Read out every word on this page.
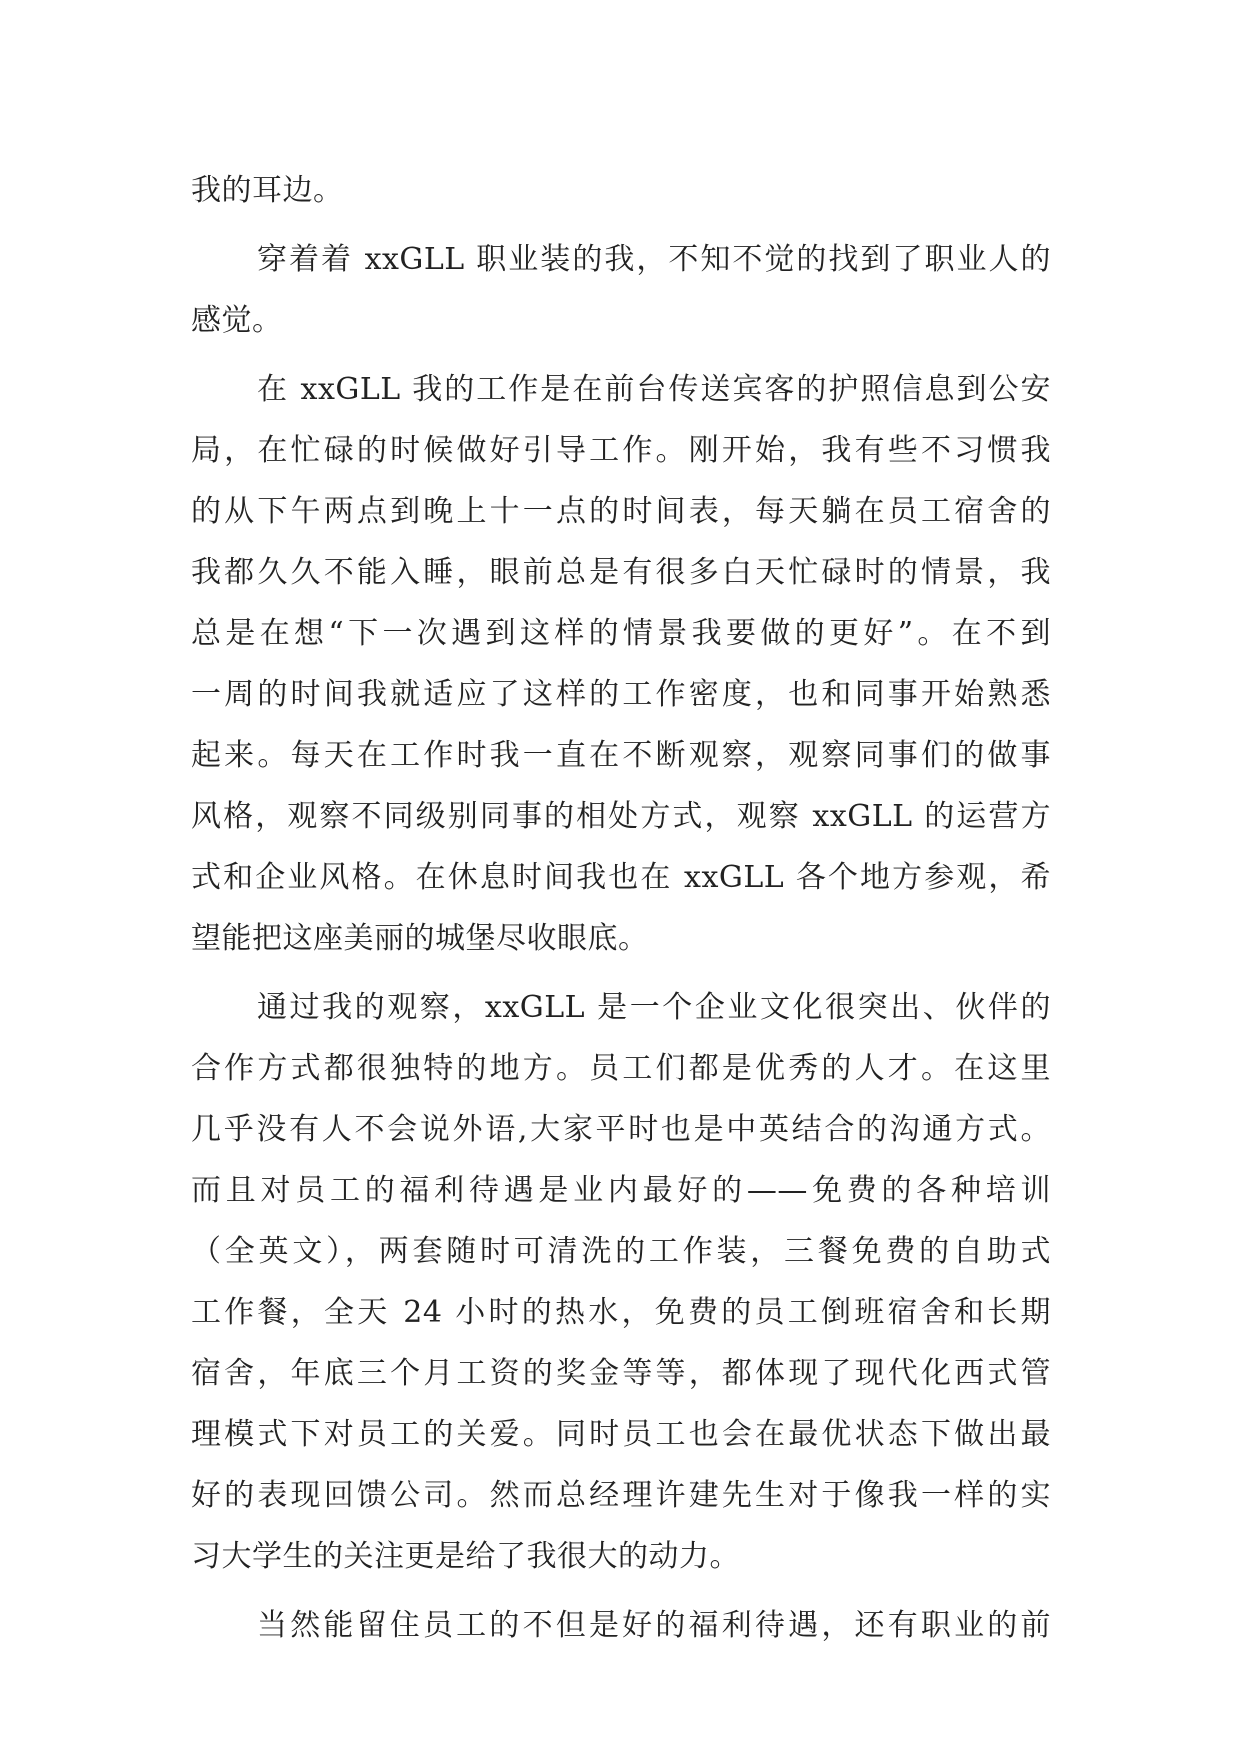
我的耳边。
穿着着 xxGLL 职业装的我，不知不觉的找到了职业人的
感觉。
在 xxGLL 我的工作是在前台传送宾客的护照信息到公安
局，在忙碌的时候做好引导工作。刚开始，我有些不习惯我
的从下午两点到晚上十一点的时间表，每天躺在员工宿舍的
我都久久不能入睡，眼前总是有很多白天忙碌时的情景，我
总是在想“下一次遇到这样的情景我要做的更好”。在不到
一周的时间我就适应了这样的工作密度，也和同事开始熟悉
起来。每天在工作时我一直在不断观察，观察同事们的做事
风格，观察不同级别同事的相处方式，观察 xxGLL 的运营方
式和企业风格。在休息时间我也在 xxGLL 各个地方参观，希
望能把这座美丽的城堡尽收眼底。
通过我的观察，xxGLL 是一个企业文化很突出、伙伴的
合作方式都很独特的地方。员工们都是优秀的人才。在这里
几乎没有人不会说外语,大家平时也是中英结合的沟通方式。
而且对员工的福利待遇是业内最好的——免费的各种培训
（全英文），两套随时可清洗的工作装，三餐免费的自助式
工作餐，全天 24 小时的热水，免费的员工倒班宿舍和长期
宿舍，年底三个月工资的奖金等等，都体现了现代化西式管
理模式下对员工的关爱。同时员工也会在最优状态下做出最
好的表现回馈公司。然而总经理许建先生对于像我一样的实
习大学生的关注更是给了我很大的动力。
当然能留住员工的不但是好的福利待遇，还有职业的前
